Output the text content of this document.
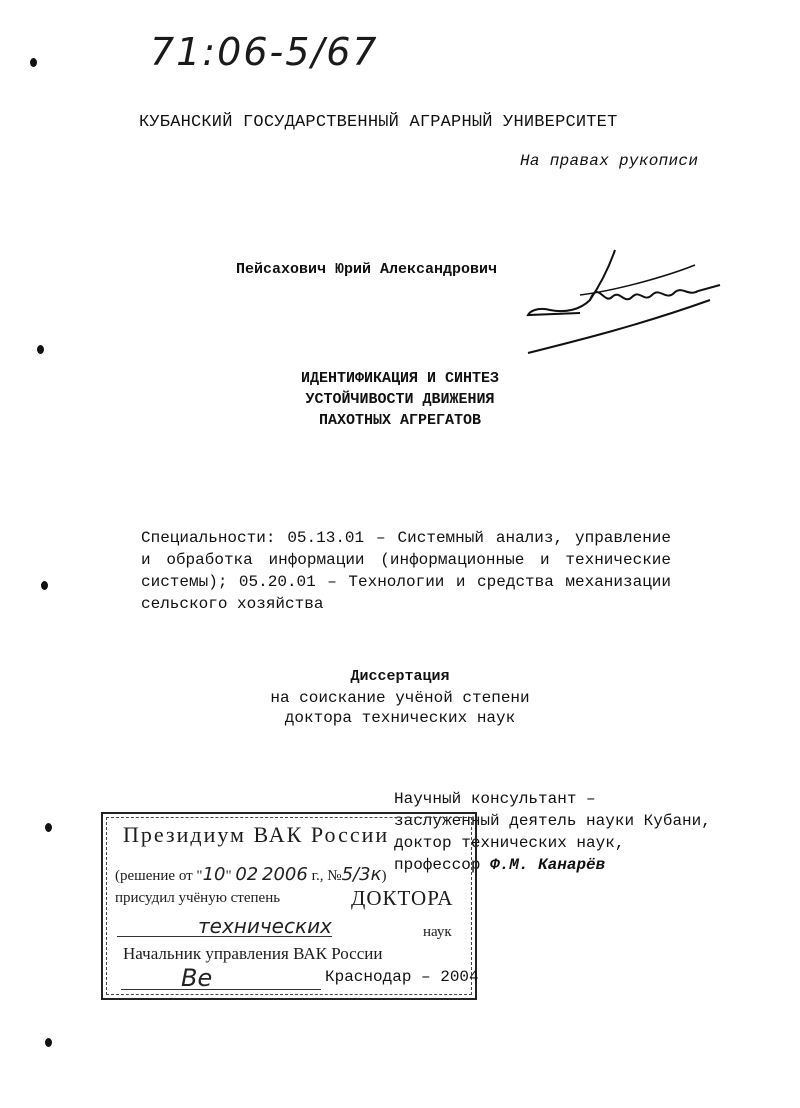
71:06-5/67
КУБАНСКИЙ ГОСУДАРСТВЕННЫЙ АГРАРНЫЙ УНИВЕРСИТЕТ
На правах рукописи
Пейсахович Юрий Александрович
ИДЕНТИФИКАЦИЯ И СИНТЕЗ
УСТОЙЧИВОСТИ ДВИЖЕНИЯ
ПАХОТНЫХ АГРЕГАТОВ
Специальности: 05.13.01 – Системный анализ, управление и обработка информации (информационные и технические системы); 05.20.01 – Технологии и средства механизации сельского хозяйства
Диссертация
на соискание учёной степени
доктора технических наук
Научный консультант –
заслуженный деятель науки Кубани, доктор технических наук,
профессор Ф.М. Канарёв
Президиум ВАК России
(решение от "10" 02 2006 г., №5/3к)
присудил учёную степень	ДОКТОРА
технических	наук
Начальник управления ВАК России
Ве	Краснодар – 2004
